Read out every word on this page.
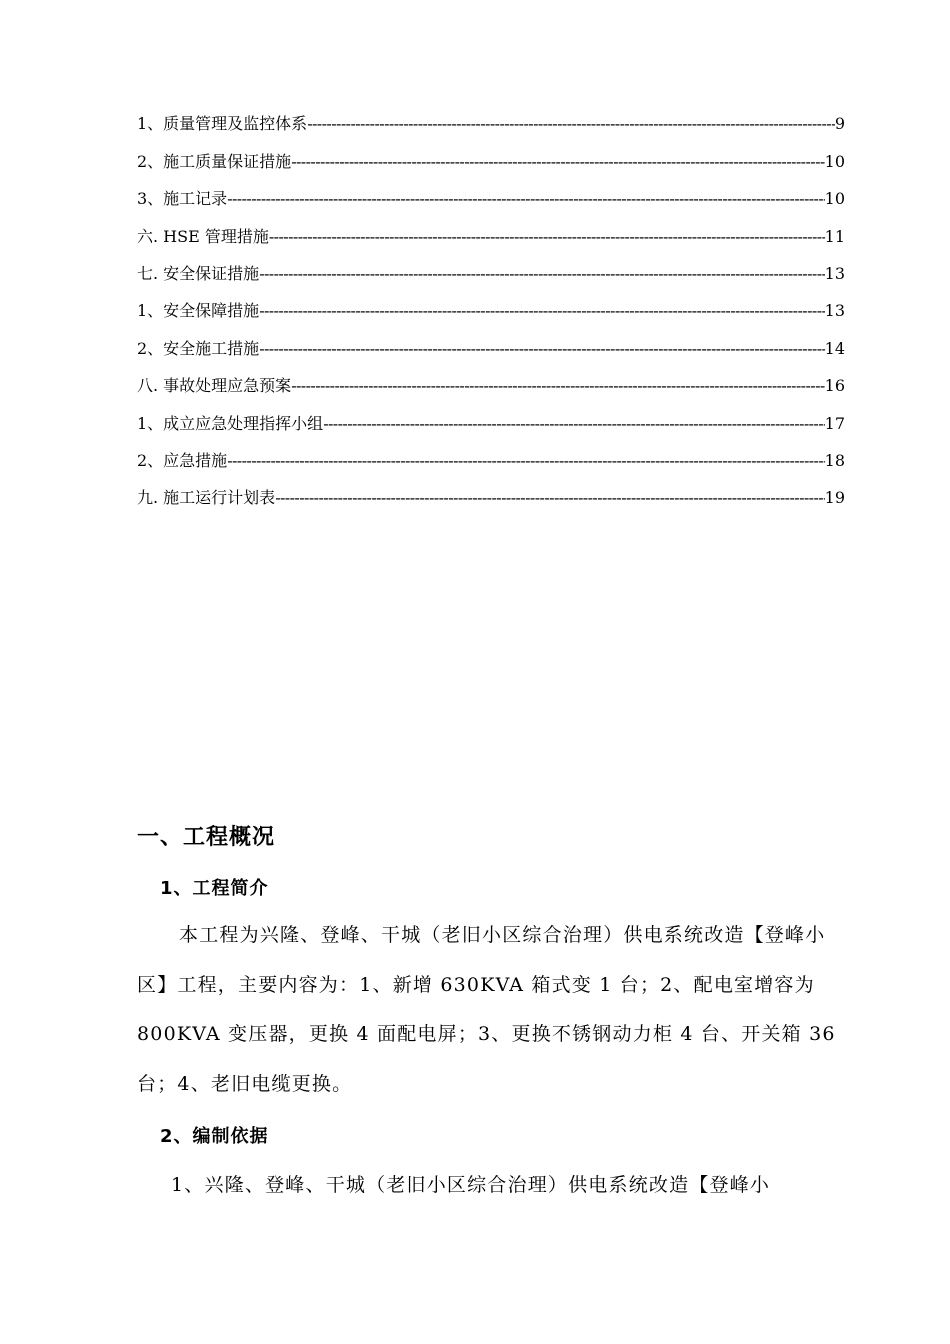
1、质量管理及监控体系 -----	9
2、施工质量保证措施 -----	10
3、施工记录 -----	10
六. HSE 管理措施 -----	11
七. 安全保证措施 -----	13
1、安全保障措施 -----	13
2、安全施工措施 -----	14
八. 事故处理应急预案 -----	16
1、成立应急处理指挥小组 -----	17
2、应急措施 -----	18
九. 施工运行计划表 -----	19
一、工程概况
1、工程简介
本工程为兴隆、登峰、干城（老旧小区综合治理）供电系统改造【登峰小区】工程，主要内容为：1、新增 630KVA 箱式变 1 台；2、配电室增容为 800KVA 变压器，更换 4 面配电屏；3、更换不锈钢动力柜 4 台、开关箱 36 台；4、老旧电缆更换。
2、编制依据
1、兴隆、登峰、干城（老旧小区综合治理）供电系统改造【登峰小
